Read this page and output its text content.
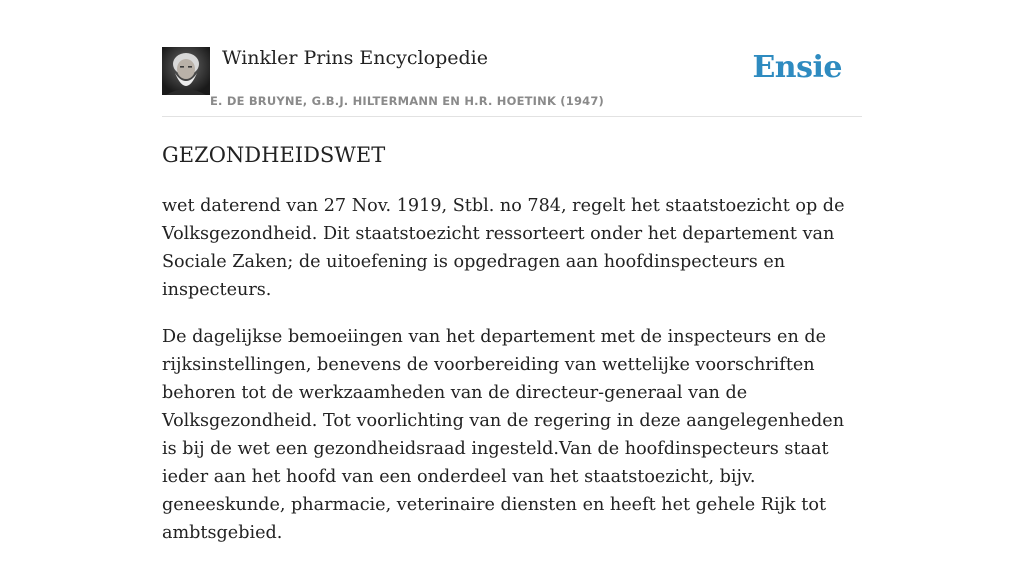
Winkler Prins Encyclopedie
E. DE BRUYNE, G.B.J. HILTERMANN EN H.R. HOETINK (1947)
Ensie
GEZONDHEIDSWET

wet daterend van 27 Nov. 1919, Stbl. no 784, regelt het staatstoezicht op de Volksgezondheid. Dit staatstoezicht ressorteert onder het departement van Sociale Zaken; de uitoefening is opgedragen aan hoofdinspecteurs en inspecteurs.

De dagelijkse bemoeiingen van het departement met de inspecteurs en de rijksinstellingen, benevens de voorbereiding van wettelijke voorschriften behoren tot de werkzaamheden van de directeur-generaal van de Volksgezondheid. Tot voorlichting van de regering in deze aangelegenheden is bij de wet een gezondheidsraad ingesteld.Van de hoofdinspecteurs staat ieder aan het hoofd van een onderdeel van het staatstoezicht, bijv. geneeskunde, pharmacie, veterinaire diensten en heeft het gehele Rijk tot ambtsgebied.
